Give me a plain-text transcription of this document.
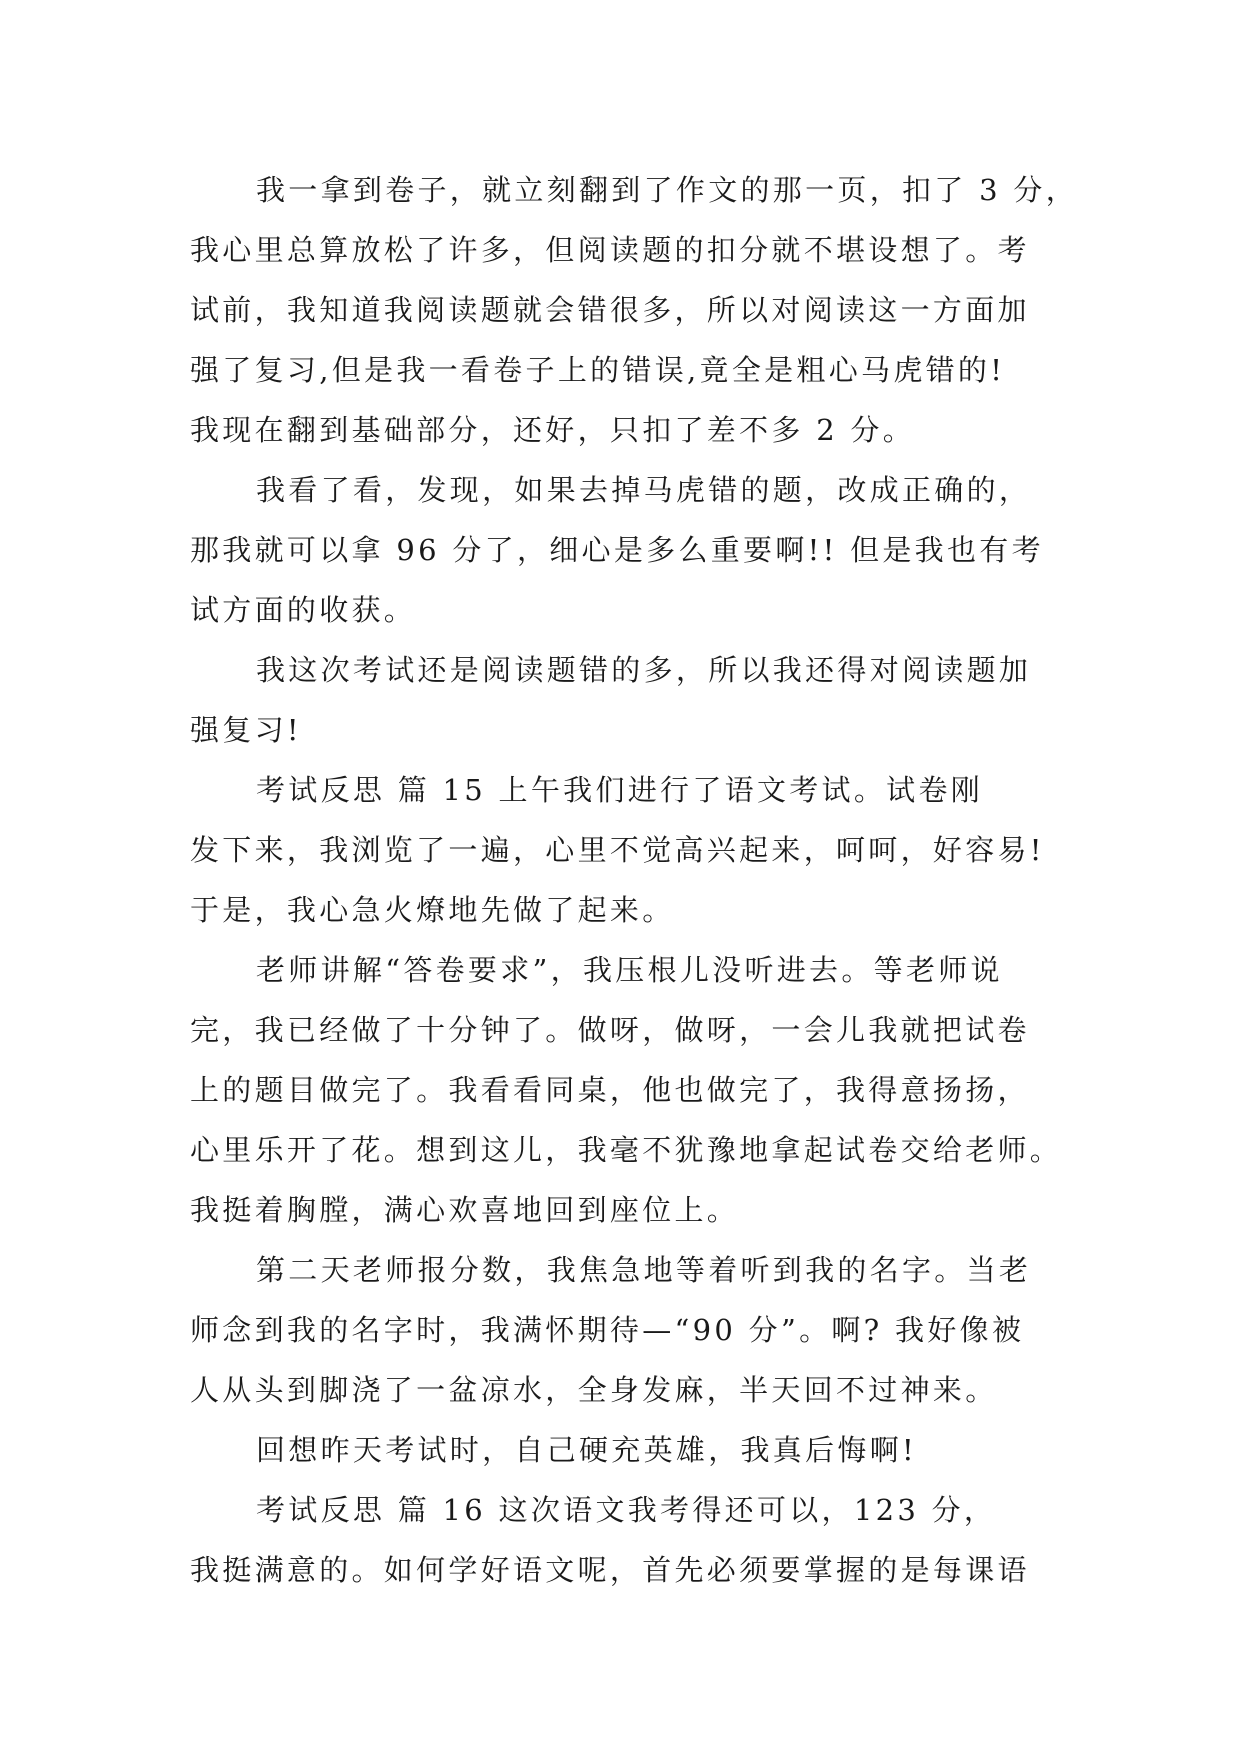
我一拿到卷子，就立刻翻到了作文的那一页，扣了 3 分，
我心里总算放松了许多，但阅读题的扣分就不堪设想了。考
试前，我知道我阅读题就会错很多，所以对阅读这一方面加
强了复习,但是我一看卷子上的错误,竟全是粗心马虎错的!
我现在翻到基础部分，还好，只扣了差不多 2 分。
我看了看，发现，如果去掉马虎错的题，改成正确的，
那我就可以拿 96 分了，细心是多么重要啊!! 但是我也有考
试方面的收获。
我这次考试还是阅读题错的多，所以我还得对阅读题加
强复习!
考试反思 篇 15 上午我们进行了语文考试。试卷刚
发下来，我浏览了一遍，心里不觉高兴起来，呵呵，好容易!
于是，我心急火燎地先做了起来。
老师讲解“答卷要求”，我压根儿没听进去。等老师说
完，我已经做了十分钟了。做呀，做呀，一会儿我就把试卷
上的题目做完了。我看看同桌，他也做完了，我得意扬扬，
心里乐开了花。想到这儿，我毫不犹豫地拿起试卷交给老师。
我挺着胸膛，满心欢喜地回到座位上。
第二天老师报分数，我焦急地等着听到我的名字。当老
师念到我的名字时，我满怀期待—“90 分”。啊? 我好像被
人从头到脚浇了一盆凉水，全身发麻，半天回不过神来。
回想昨天考试时，自己硬充英雄，我真后悔啊!
考试反思 篇 16 这次语文我考得还可以，123 分，
我挺满意的。如何学好语文呢，首先必须要掌握的是每课语
